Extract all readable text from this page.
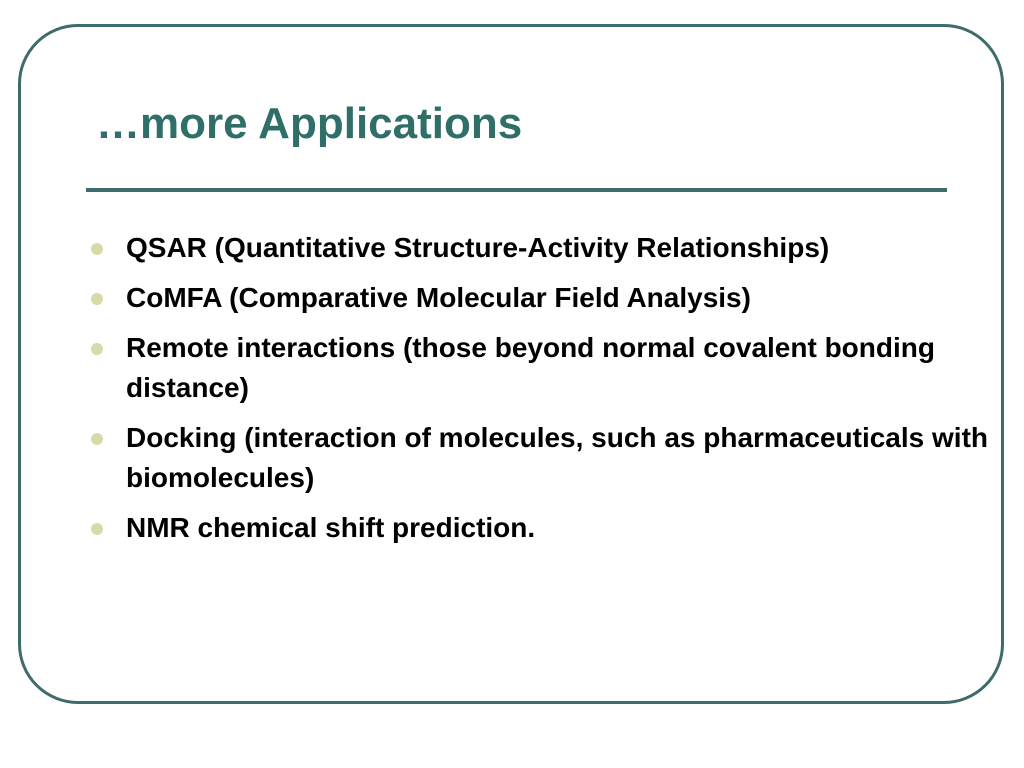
…more Applications
QSAR (Quantitative Structure-Activity Relationships)
CoMFA (Comparative Molecular Field Analysis)
Remote interactions (those beyond normal covalent bonding distance)
Docking (interaction of molecules, such as pharmaceuticals with biomolecules)
NMR chemical shift prediction.
